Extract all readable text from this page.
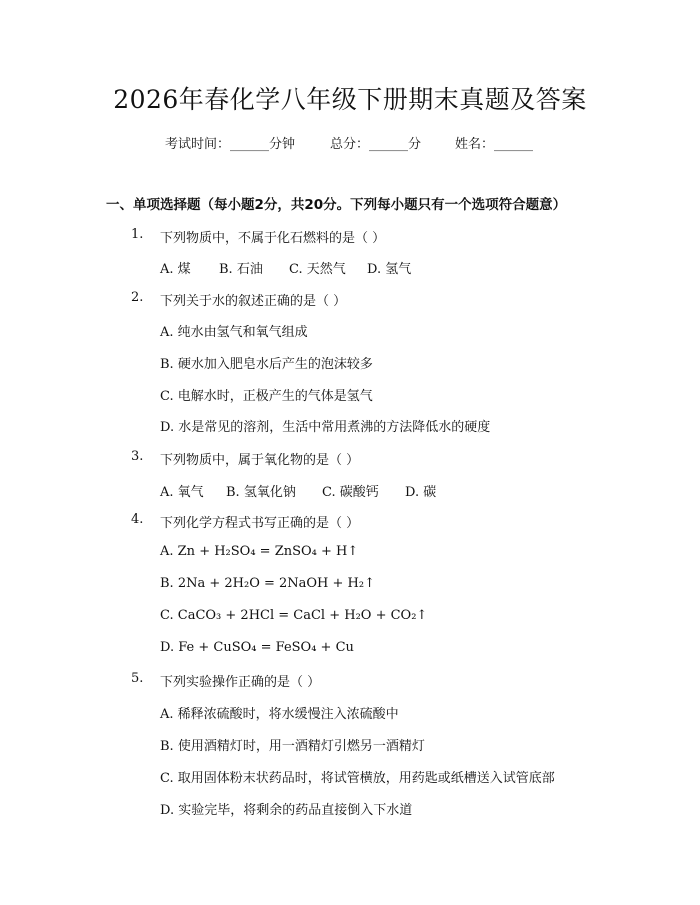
2026年春化学八年级下册期末真题及答案
考试时间：______分钟	总分：______分	姓名：______
一、单项选择题（每小题2分，共20分。下列每小题只有一个选项符合题意）
1. 下列物质中，不属于化石燃料的是（ ）
A. 煤 B. 石油 C. 天然气 D. 氢气
2. 下列关于水的叙述正确的是（ ）
A. 纯水由氢气和氧气组成
B. 硬水加入肥皂水后产生的泡沫较多
C. 电解水时，正极产生的气体是氢气
D. 水是常见的溶剂，生活中常用煮沸的方法降低水的硬度
3. 下列物质中，属于氧化物的是（ ）
A. 氧气 B. 氢氧化钠 C. 碳酸钙 D. 碳
4. 下列化学方程式书写正确的是（ ）
A. Zn + H₂SO₄ = ZnSO₄ + H↑
B. 2Na + 2H₂O = 2NaOH + H₂↑
C. CaCO₃ + 2HCl = CaCl + H₂O + CO₂↑
D. Fe + CuSO₄ = FeSO₄ + Cu
5. 下列实验操作正确的是（ ）
A. 稀释浓硫酸时，将水缓慢注入浓硫酸中
B. 使用酒精灯时，用一酒精灯引燃另一酒精灯
C. 取用固体粉末状药品时，将试管横放，用药匙或纸槽送入试管底部
D. 实验完毕，将剩余的药品直接倒入下水道
